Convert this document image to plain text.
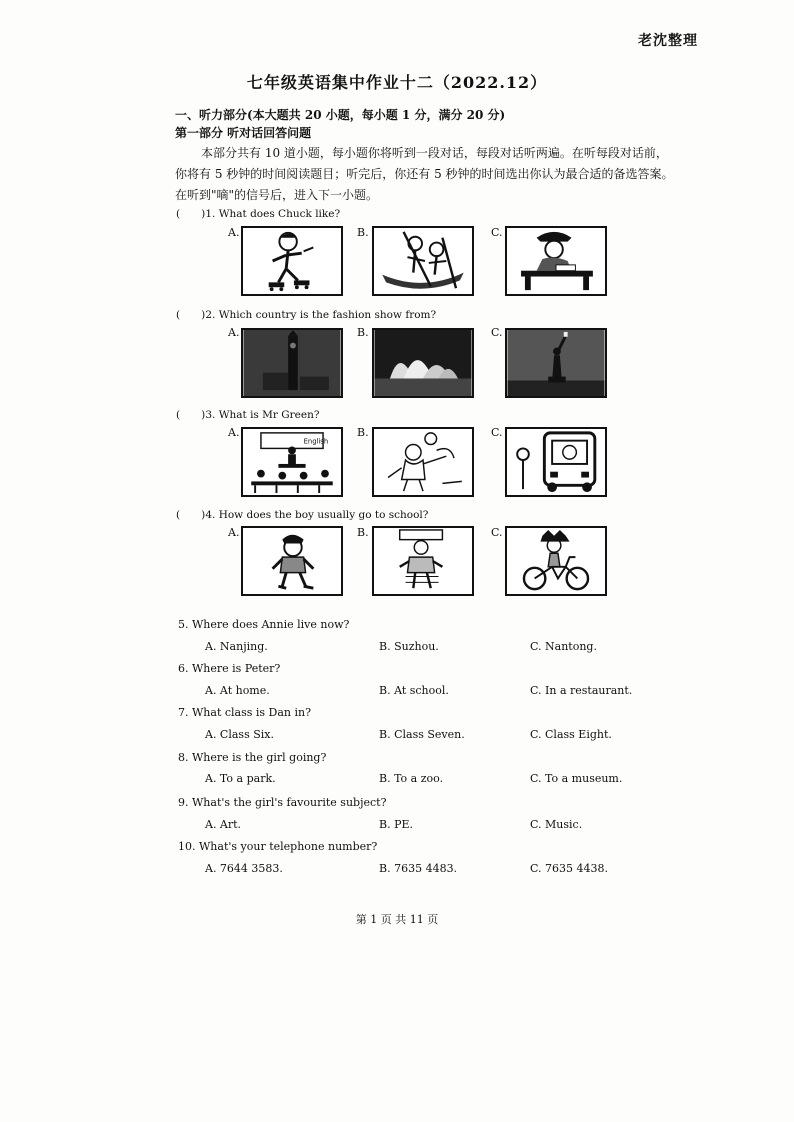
老沈整理
七年级英语集中作业十二（2022.12）
一、听力部分(本大题共 20 小题，每小题 1 分，满分 20 分)
第一部分 听对话回答问题

本部分共有 10 道小题，每小题你将听到一段对话，每段对话听两遍。在听每段对话前，

你将有 5 秒钟的时间阅读题目；听完后，你还有 5 秒钟的时间选出你认为最合适的备选答案。

在听到"嘀"的信号后，进入下一小题。

(　　) 1. What does Chuck like?
A.	B.	C.
(　　) 2. Which country is the fashion show from?
A.	B.	C.
(　　) 3. What is Mr Green?
A.	B.	C.
English
(　　) 4. How does the boy usually go to school?
A.	B.	C.
5. Where does Annie live now?
A. Nanjing.	B. Suzhou.	C. Nantong.
6. Where is Peter?
A. At home.	B. At school.	C. In a restaurant.
7. What class is Dan in?
A. Class Six.	B. Class Seven.	C. Class Eight.
8. Where is the girl going?
A. To a park.	B. To a zoo.	C. To a museum.
9. What's the girl's favourite subject?
A. Art.	B. PE.	C. Music.
10. What's your telephone number?
A. 7644 3583.	B. 7635 4483.	C. 7635 4438.
第 1 页 共 11 页
